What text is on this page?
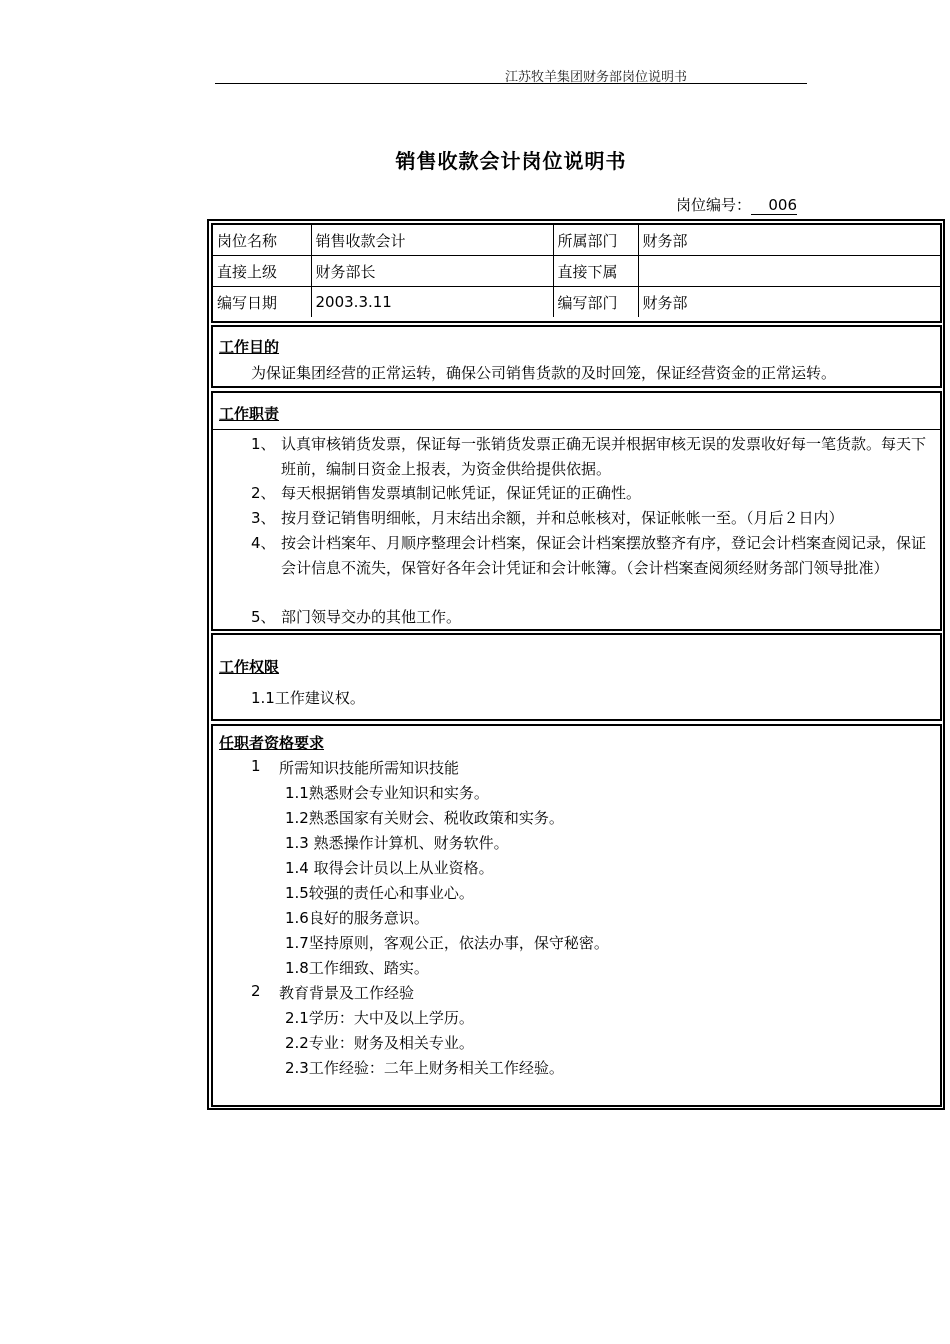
江苏牧羊集团财务部岗位说明书
销售收款会计岗位说明书
岗位编号： 006
岗位名称	销售收款会计	所属部门	财务部
直接上级	财务部长	直接下属	
编写日期	2003.3.11	编写部门	财务部
工作目的
为保证集团经营的正常运转，确保公司销售货款的及时回笼，保证经营资金的正常运转。
工作职责
1、 认真审核销货发票，保证每一张销货发票正确无误并根据审核无误的发票收好每一笔货款。每天下班前，编制日资金上报表，为资金供给提供依据。
2、 每天根据销售发票填制记帐凭证，保证凭证的正确性。
3、 按月登记销售明细帐，月末结出余额，并和总帐核对，保证帐帐一至。（月后２日内）
4、 按会计档案年、月顺序整理会计档案，保证会计档案摆放整齐有序，登记会计档案查阅记录，保证会计信息不流失，保管好各年会计凭证和会计帐簿。（会计档案查阅须经财务部门领导批准）
5、 部门领导交办的其他工作。
工作权限
1.1工作建议权。
任职者资格要求
1 所需知识技能所需知识技能
1.1熟悉财会专业知识和实务。
1.2熟悉国家有关财会、税收政策和实务。
1.3 熟悉操作计算机、财务软件。
1.4 取得会计员以上从业资格。
1.5较强的责任心和事业心。
1.6良好的服务意识。
1.7坚持原则，客观公正，依法办事，保守秘密。
1.8工作细致、踏实。
2 教育背景及工作经验
2.1学历：大中及以上学历。
2.2专业：财务及相关专业。
2.3工作经验：二年上财务相关工作经验。
